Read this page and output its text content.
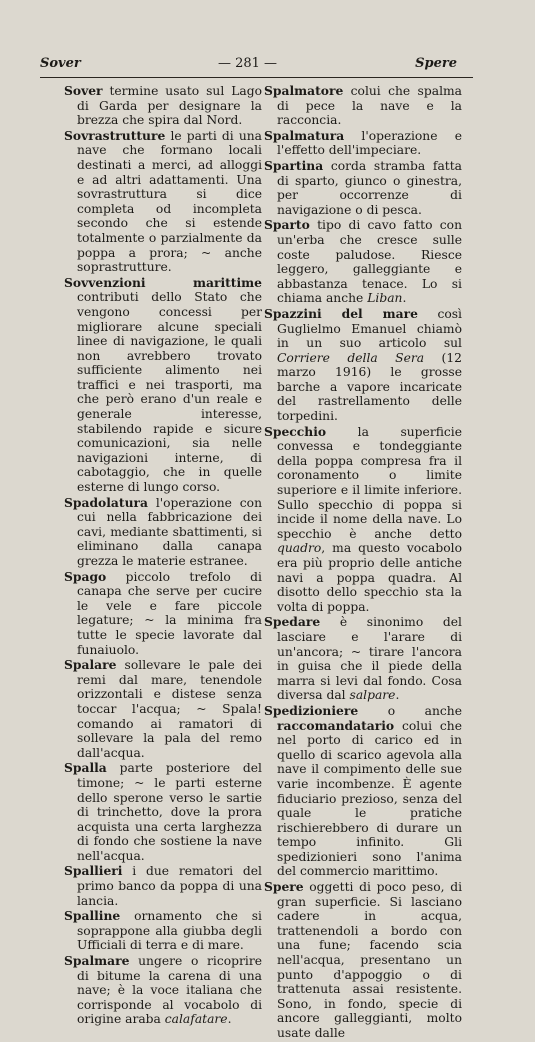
Sover	— 281 —	Spere

Sover termine usato sul Lago di Garda per designare la brezza che spira dal Nord.

Sovrastrutture le parti di una nave che formano locali destinati a merci, ad alloggi e ad altri adattamenti. Una sovrastruttura si dice completa od incompleta secondo che si estende totalmente o parzialmente da poppa a prora; ~ anche soprastrutture.

Sovvenzioni marittime contributi dello Stato che vengono concessi per migliorare alcune speciali linee di navigazione, le quali non avrebbero trovato sufficiente alimento nei traffici e nei trasporti, ma che però erano d'un reale e generale interesse, stabilendo rapide e sicure comunicazioni, sia nelle navigazioni interne, di cabotaggio, che in quelle esterne di lungo corso.

Spadolatura l'operazione con cui nella fabbricazione dei cavi, mediante sbattimenti, si eliminano dalla canapa grezza le materie estranee.

Spago piccolo trefolo di canapa che serve per cucire le vele e fare piccole legature; ~ la minima fra tutte le specie lavorate dal funaiuolo.

Spalare sollevare le pale dei remi dal mare, tenendole orizzontali e distese senza toccar l'acqua; ~ Spala! comando ai ramatori di sollevare la pala del remo dall'acqua.

Spalla parte posteriore del timone; ~ le parti esterne dello sperone verso le sartie di trinchetto, dove la prora acquista una certa larghezza di fondo che sostiene la nave nell'acqua.

Spallieri i due rematori del primo banco da poppa di una lancia.

Spalline ornamento che si soprappone alla giubba degli Ufficiali di terra e di mare.

Spalmare ungere o ricoprire di bitume la carena di una nave; è la voce italiana che corrisponde al vocabolo di origine araba calafatare.

Spalmatore colui che spalma di pece la nave e la racconcia.

Spalmatura l'operazione e l'effetto dell'impeciare.

Spartina corda stramba fatta di sparto, giunco o ginestra, per occorrenze di navigazione o di pesca.

Sparto tipo di cavo fatto con un'erba che cresce sulle coste paludose. Riesce leggero, galleggiante e abbastanza tenace. Lo si chiama anche Liban.

Spazzini del mare così Guglielmo Emanuel chiamò in un suo articolo sul Corriere della Sera (12 marzo 1916) le grosse barche a vapore incaricate del rastrellamento delle torpedini.

Specchio la superficie convessa e tondeggiante della poppa compresa fra il coronamento o limite superiore e il limite inferiore. Sullo specchio di poppa si incide il nome della nave. Lo specchio è anche detto quadro, ma questo vocabolo era più proprio delle antiche navi a poppa quadra. Al disotto dello specchio sta la volta di poppa.

Spedare è sinonimo del lasciare e l'arare di un'ancora; ~ tirare l'ancora in guisa che il piede della marra si levi dal fondo. Cosa diversa dal salpare.

Spedizioniere o anche raccomandatario colui che nel porto di carico ed in quello di scarico agevola alla nave il compimento delle sue varie incombenze. È agente fiduciario prezioso, senza del quale le pratiche rischierebbero di durare un tempo infinito. Gli spedizionieri sono l'anima del commercio marittimo.

Spere oggetti di poco peso, di gran superficie. Si lasciano cadere in acqua, trattenendoli a bordo con una fune; facendo scia nell'acqua, presentano un punto d'appoggio o di trattenuta assai resistente. Sono, in fondo, specie di ancore galleggianti, molto usate dalle
